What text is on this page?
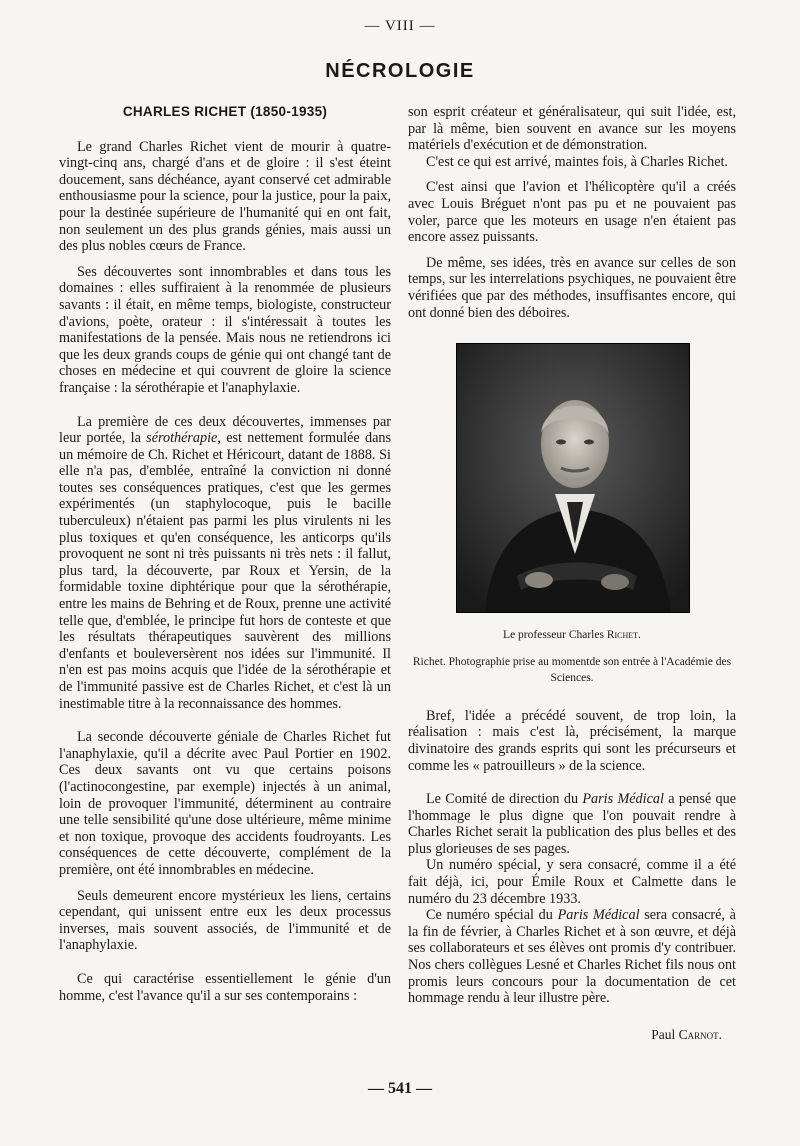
— VIII —
NÉCROLOGIE
CHARLES RICHET (1850-1935)

Le grand Charles Richet vient de mourir à quatre-vingt-cinq ans, chargé d'ans et de gloire : il s'est éteint doucement, sans déchéance, ayant conservé cet admirable enthousiasme pour la science, pour la justice, pour la paix, pour la destinée supérieure de l'humanité qui en ont fait, non seulement un des plus grands génies, mais aussi un des plus nobles cœurs de France.

Ses découvertes sont innombrables et dans tous les domaines : elles suffiraient à la renommée de plusieurs savants : il était, en même temps, biologiste, constructeur d'avions, poète, orateur : il s'intéressait à toutes les manifestations de la pensée. Mais nous ne retiendrons ici que les deux grands coups de génie qui ont changé tant de choses en médecine et qui couvrent de gloire la science française : la sérothérapie et l'anaphylaxie.

La première de ces deux découvertes, immenses par leur portée, la sérothérapie, est nettement formulée dans un mémoire de Ch. Richet et Héricourt, datant de 1888. Si elle n'a pas, d'emblée, entraîné la conviction ni donné toutes ses conséquences pratiques, c'est que les germes expérimentés (un staphylocoque, puis le bacille tuberculeux) n'étaient pas parmi les plus virulents ni les plus toxiques et qu'en conséquence, les anticorps qu'ils provoquent ne sont ni très puissants ni très nets : il fallut, plus tard, la découverte, par Roux et Yersin, de la formidable toxine diphtérique pour que la sérothérapie, entre les mains de Behring et de Roux, prenne une activité telle que, d'emblée, le principe fut hors de conteste et que les résultats thérapeutiques sauvèrent des millions d'enfants et bouleversèrent nos idées sur l'immunité. Il n'en est pas moins acquis que l'idée de la sérothérapie et de l'immunité passive est de Charles Richet, et c'est là un inestimable titre à la reconnaissance des hommes.

La seconde découverte géniale de Charles Richet fut l'anaphylaxie, qu'il a décrite avec Paul Portier en 1902. Ces deux savants ont vu que certains poisons (l'actinocongestine, par exemple) injectés à un animal, loin de provoquer l'immunité, déterminent au contraire une telle sensibilité qu'une dose ultérieure, même minime et non toxique, provoque des accidents foudroyants. Les conséquences de cette découverte, complément de la première, ont été innombrables en médecine.

Seuls demeurent encore mystérieux les liens, certains cependant, qui unissent entre eux les deux processus inverses, mais souvent associés, de l'immunité et de l'anaphylaxie.

Ce qui caractérise essentiellement le génie d'un homme, c'est l'avance qu'il a sur ses contemporains :

son esprit créateur et généralisateur, qui suit l'idée, est, par là même, bien souvent en avance sur les moyens matériels d'exécution et de démonstration.

C'est ce qui est arrivé, maintes fois, à Charles Richet.

C'est ainsi que l'avion et l'hélicoptère qu'il a créés avec Louis Bréguet n'ont pas pu et ne pouvaient pas voler, parce que les moteurs en usage n'en étaient pas encore assez puissants.

De même, ses idées, très en avance sur celles de son temps, sur les interrelations psychiques, ne pouvaient être vérifiées que par des méthodes, insuffisantes encore, qui ont donné bien des déboires.

Le professeur Charles Richet.
Richet. Photographie prise au momentde son entrée à l'Académie des Sciences.

Bref, l'idée a précédé souvent, de trop loin, la réalisation : mais c'est là, précisément, la marque divinatoire des grands esprits qui sont les précurseurs et comme les « patrouilleurs » de la science.

Le Comité de direction du Paris Médical a pensé que l'hommage le plus digne que l'on pouvait rendre à Charles Richet serait la publication des plus belles et des plus glorieuses de ses pages.

Un numéro spécial, y sera consacré, comme il a été fait déjà, ici, pour Émile Roux et Calmette dans le numéro du 23 décembre 1933.

Ce numéro spécial du Paris Médical sera consacré, à la fin de février, à Charles Richet et à son œuvre, et déjà ses collaborateurs et ses élèves ont promis d'y contribuer. Nos chers collègues Lesné et Charles Richet fils nous ont promis leurs concours pour la documentation de cet hommage rendu à leur illustre père.

Paul Carnot.
— 541 —
